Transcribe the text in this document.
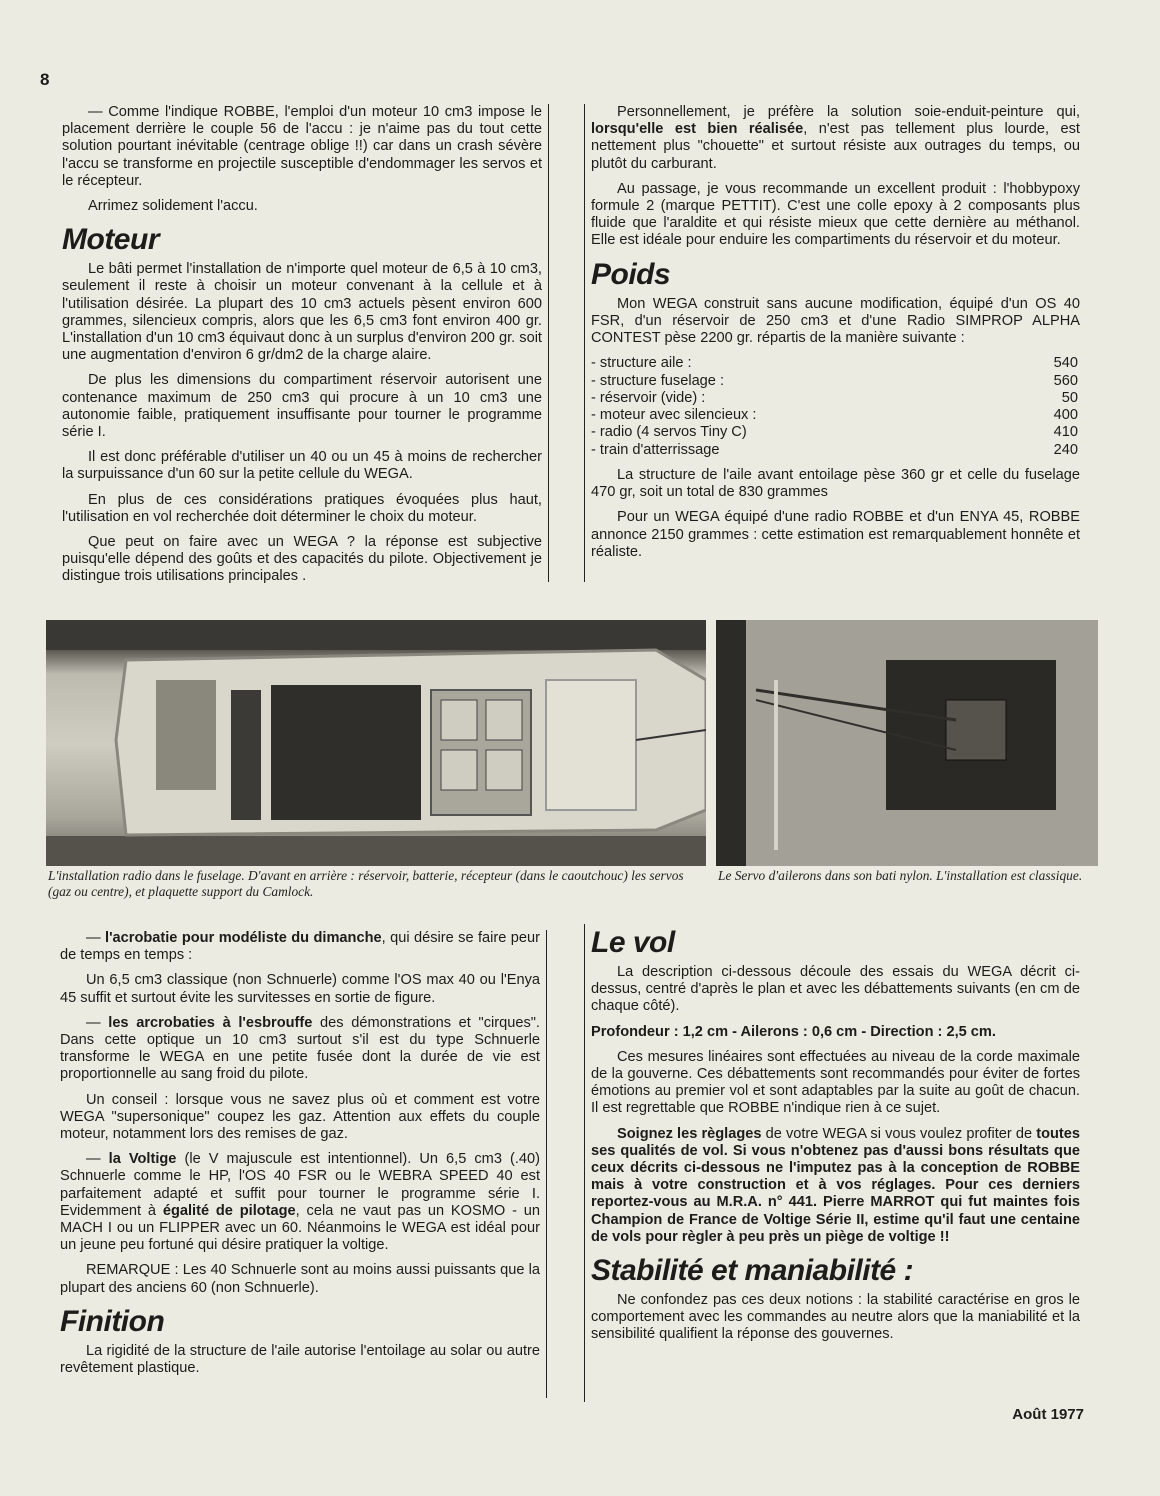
8

— Comme l'indique ROBBE, l'emploi d'un moteur 10 cm3 impose le placement derrière le couple 56 de l'accu : je n'aime pas du tout cette solution pourtant inévitable (centrage oblige !!) car dans un crash sévère l'accu se transforme en projectile susceptible d'endommager les servos et le récepteur.

Arrimez solidement l'accu.

Moteur

Le bâti permet l'installation de n'importe quel moteur de 6,5 à 10 cm3, seulement il reste à choisir un moteur convenant à la cellule et à l'utilisation désirée. La plupart des 10 cm3 actuels pèsent environ 600 grammes, silencieux compris, alors que les 6,5 cm3 font environ 400 gr. L'installation d'un 10 cm3 équivaut donc à un surplus d'environ 200 gr. soit une augmentation d'environ 6 gr/dm2 de la charge alaire.

De plus les dimensions du compartiment réservoir autorisent une contenance maximum de 250 cm3 qui procure à un 10 cm3 une autonomie faible, pratiquement insuffisante pour tourner le programme série I.

Il est donc préférable d'utiliser un 40 ou un 45 à moins de rechercher la surpuissance d'un 60 sur la petite cellule du WEGA.

En plus de ces considérations pratiques évoquées plus haut, l'utilisation en vol recherchée doit déterminer le choix du moteur.

Que peut on faire avec un WEGA ? la réponse est subjective puisqu'elle dépend des goûts et des capacités du pilote. Objectivement je distingue trois utilisations principales .

Personnellement, je préfère la solution soie-enduit-peinture qui, lorsqu'elle est bien réalisée, n'est pas tellement plus lourde, est nettement plus "chouette" et surtout résiste aux outrages du temps, ou plutôt du carburant.

Au passage, je vous recommande un excellent produit : l'hobbypoxy formule 2 (marque PETTIT). C'est une colle epoxy à 2 composants plus fluide que l'araldite et qui résiste mieux que cette dernière au méthanol. Elle est idéale pour enduire les compartiments du réservoir et du moteur.

Poids

Mon WEGA construit sans aucune modification, équipé d'un OS 40 FSR, d'un réservoir de 250 cm3 et d'une Radio SIMPROP ALPHA CONTEST pèse 2200 gr. répartis de la manière suivante :

- structure aile :	540
- structure fuselage :	560
- réservoir (vide) :	50
- moteur avec silencieux :	400
- radio (4 servos Tiny C)	410
- train d'atterrissage	240

La structure de l'aile avant entoilage pèse 360 gr et celle du fuselage 470 gr, soit un total de 830 grammes

Pour un WEGA équipé d'une radio ROBBE et d'un ENYA 45, ROBBE annonce 2150 grammes : cette estimation est remarquablement honnête et réaliste.

L'installation radio dans le fuselage. D'avant en arrière : réservoir, batterie, récepteur (dans le caoutchouc) les servos (gaz ou centre), et plaquette support du Camlock.
Le Servo d'ailerons dans son bati nylon. L'installation est classique.

— l'acrobatie pour modéliste du dimanche, qui désire se faire peur de temps en temps :

Un 6,5 cm3 classique (non Schnuerle) comme l'OS max 40 ou l'Enya 45 suffit et surtout évite les survitesses en sortie de figure.

— les arcrobaties à l'esbrouffe des démonstrations et "cirques". Dans cette optique un 10 cm3 surtout s'il est du type Schnuerle transforme le WEGA en une petite fusée dont la durée de vie est proportionnelle au sang froid du pilote.

Un conseil : lorsque vous ne savez plus où et comment est votre WEGA "supersonique" coupez les gaz. Attention aux effets du couple moteur, notamment lors des remises de gaz.

— la Voltige (le V majuscule est intentionnel). Un 6,5 cm3 (.40) Schnuerle comme le HP, l'OS 40 FSR ou le WEBRA SPEED 40 est parfaitement adapté et suffit pour tourner le programme série I. Evidemment à égalité de pilotage, cela ne vaut pas un KOSMO - un MACH I ou un FLIPPER avec un 60. Néanmoins le WEGA est idéal pour un jeune peu fortuné qui désire pratiquer la voltige.

REMARQUE : Les 40 Schnuerle sont au moins aussi puissants que la plupart des anciens 60 (non Schnuerle).

Finition

La rigidité de la structure de l'aile autorise l'entoilage au solar ou autre revêtement plastique.

Le vol

La description ci-dessous découle des essais du WEGA décrit ci-dessus, centré d'après le plan et avec les débattements suivants (en cm de chaque côté).

Profondeur : 1,2 cm - Ailerons : 0,6 cm - Direction : 2,5 cm.

Ces mesures linéaires sont effectuées au niveau de la corde maximale de la gouverne. Ces débattements sont recommandés pour éviter de fortes émotions au premier vol et sont adaptables par la suite au goût de chacun. Il est regrettable que ROBBE n'indique rien à ce sujet.

Soignez les règlages de votre WEGA si vous voulez profiter de toutes ses qualités de vol. Si vous n'obtenez pas d'aussi bons résultats que ceux décrits ci-dessous ne l'imputez pas à la conception de ROBBE mais à votre construction et à vos réglages. Pour ces derniers reportez-vous au M.R.A. n° 441. Pierre MARROT qui fut maintes fois Champion de France de Voltige Série II, estime qu'il faut une centaine de vols pour règler à peu près un piège de voltige !!

Stabilité et maniabilité :

Ne confondez pas ces deux notions : la stabilité caractérise en gros le comportement avec les commandes au neutre alors que la maniabilité et la sensibilité qualifient la réponse des gouvernes.

Août 1977
